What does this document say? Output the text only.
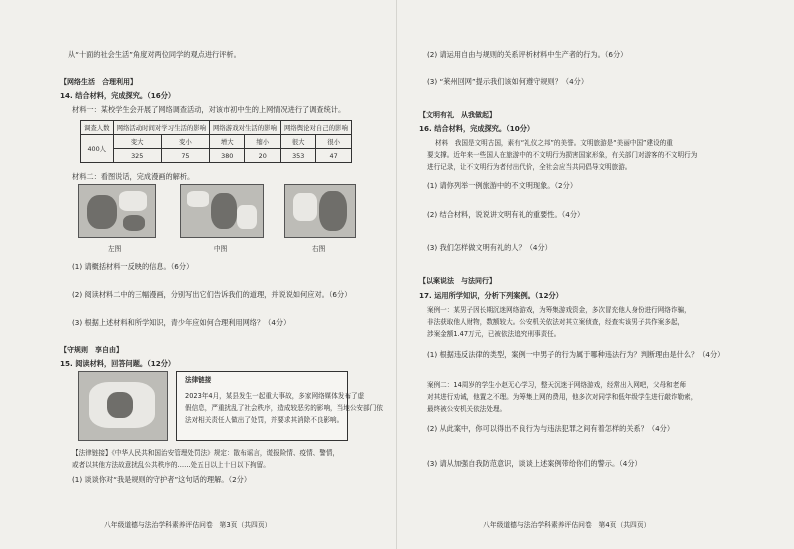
从“十面的社会生活”角度对两位同学的观点进行评析。
【 网络生活　合理利用 】
14. 结合材料，完成探究。（16分）
材料一：某校学生会开展了网络调查活动，对该市初中生的上网情况进行了调查统计。
调查人数	网络活动时间对学习生活的影响		网络游戏对生活的影响		网络舆论对自己的影响	
400人	变大	变小	增大	缩小	很大	很小
	325	75	380	20	353	47
材料二：看图说话，完成漫画的解析。
左图	中图	右图
(1) 请概括材料一反映的信息。（6分）
(2) 阅读材料二中的三幅漫画，分别写出它们告诉我们的道理，并说说如何应对。（6分）
(3) 根据上述材料和所学知识，青少年应如何合理利用网络？（4分）
【 守规则　享自由 】
15. 阅读材料，回答问题。（12分）
法律链接
2023年4月，某县发生一起重大事故，多家网络媒体发布了虚
假信息，严重扰乱了社会秩序，造成较恶劣的影响，当地公安部门依
法对相关责任人做出了处罚，并要求其消除不良影响。
【法律链接】《中华人民共和国治安管理处罚法》规定：散布谣言，谎报险情、疫情、警情，
或者以其他方法故意扰乱公共秩序的……处五日以上十日以下拘留。
(1) 谈谈你对“我是规则的守护者”这句话的理解。（2分）
八年级道德与法治学科素养评估问卷　第3页（共四页）
(2) 请运用自由与规则的关系评析材料中生产者的行为。（6分）
(3) “莱州回网”提示我们该如何遵守规则？（4分）
【 文明有礼　从我做起 】
16. 结合材料，完成探究。（10分）
材料　我国是文明古国，素有“礼仪之邦”的美誉。文明旅游是“美丽中国”建设的重
要支撑。近年来一些国人在旅游中的不文明行为损害国家形象，有关部门对游客的不文明行为
进行记录，让不文明行为者付出代价，全社会应当共同倡导文明旅游。
(1) 请你列举一例旅游中的不文明现象。（2分）
(2) 结合材料，说说讲文明有礼的重要性。（4分）
(3) 我们怎样做文明有礼的人？（4分）
【 以案说法　与法同行 】
17. 运用所学知识，分析下列案例。（12分）
案例一：某男子因长期沉迷网络游戏，为筹集游戏资金，多次冒充他人身份进行网络诈骗，
非法获取他人财物，数额较大。公安机关依法对其立案侦查，经查实该男子共作案多起，
涉案金额1.47万元，已被依法追究刑事责任。
(1) 根据违反法律的类型，案例一中男子的行为属于哪种违法行为？判断理由是什么？（4分）
案例二：14周岁的学生小赵无心学习，整天沉迷于网络游戏，经常出入网吧，父母和老师
对其进行劝诫，他置之不理。为筹集上网的费用，他多次对同学和低年级学生进行敲诈勒索，
最终被公安机关依法处理。
(2) 从此案中，你可以得出不良行为与违法犯罪之间有着怎样的关系？（4分）
(3) 请从加强自我防范意识，谈谈上述案例带给你们的警示。（4分）
八年级道德与法治学科素养评估问卷　第4页（共四页）
